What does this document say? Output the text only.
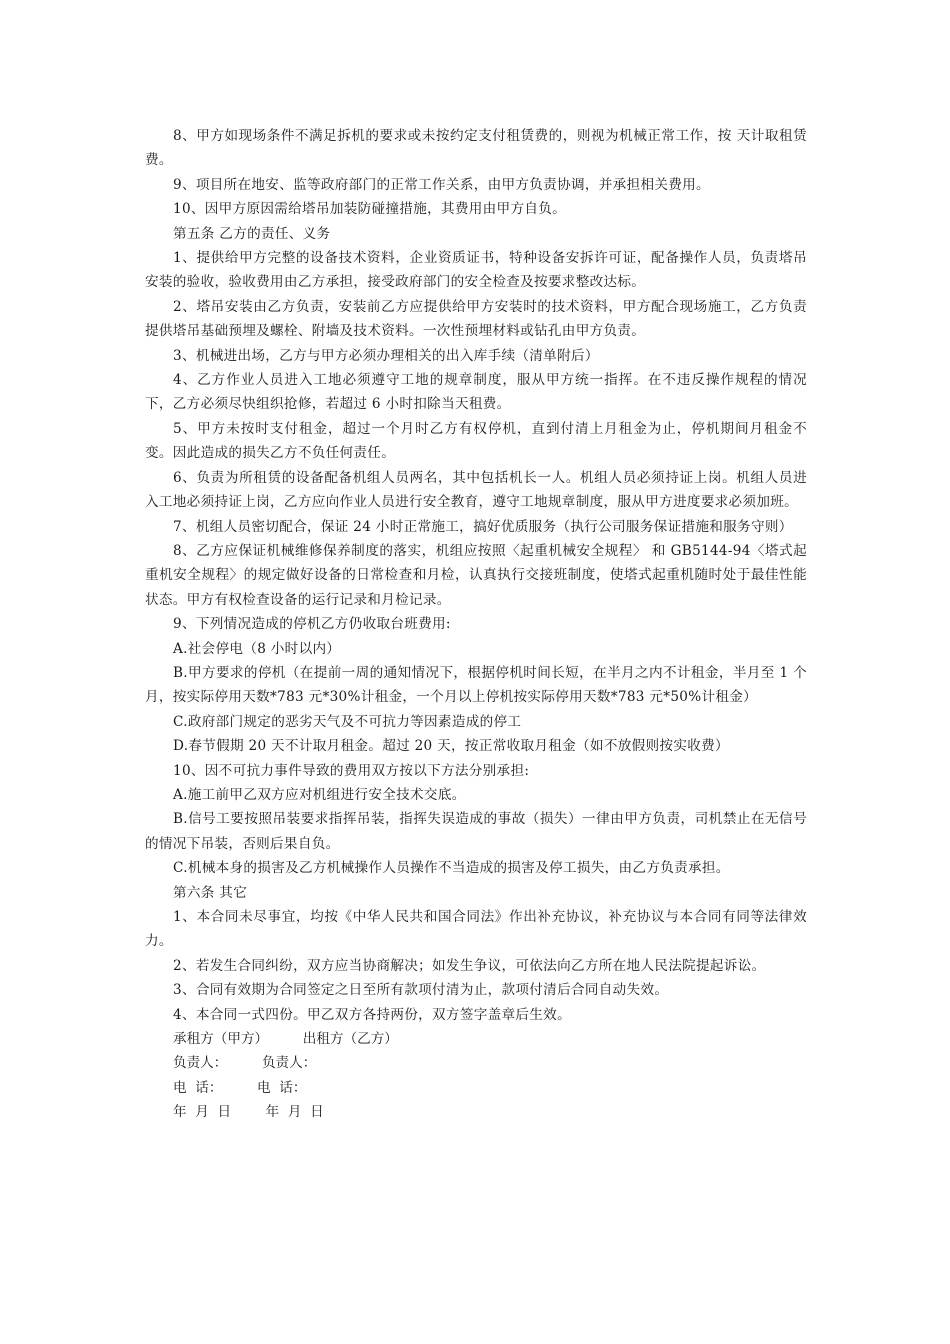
8、甲方如现场条件不满足拆机的要求或未按约定支付租赁费的，则视为机械正常工作，按 天计取租赁费。

9、项目所在地安、监等政府部门的正常工作关系，由甲方负责协调，并承担相关费用。

10、因甲方原因需给塔吊加装防碰撞措施，其费用由甲方自负。

第五条 乙方的责任、义务

1、提供给甲方完整的设备技术资料，企业资质证书，特种设备安拆许可证，配备操作人员，负责塔吊安装的验收，验收费用由乙方承担，接受政府部门的安全检查及按要求整改达标。

2、塔吊安装由乙方负责，安装前乙方应提供给甲方安装时的技术资料，甲方配合现场施工，乙方负责提供塔吊基础预埋及螺栓、附墙及技术资料。一次性预埋材料或钻孔由甲方负责。

3、机械进出场，乙方与甲方必须办理相关的出入库手续（清单附后）

4、乙方作业人员进入工地必须遵守工地的规章制度，服从甲方统一指挥。在不违反操作规程的情况下，乙方必须尽快组织抢修，若超过 6 小时扣除当天租费。

5、甲方未按时支付租金，超过一个月时乙方有权停机，直到付清上月租金为止，停机期间月租金不变。因此造成的损失乙方不负任何责任。

6、负责为所租赁的设备配备机组人员两名，其中包括机长一人。机组人员必须持证上岗。机组人员进入工地必须持证上岗，乙方应向作业人员进行安全教育，遵守工地规章制度，服从甲方进度要求必须加班。

7、机组人员密切配合，保证 24 小时正常施工，搞好优质服务（执行公司服务保证措施和服务守则）

8、乙方应保证机械维修保养制度的落实，机组应按照〈起重机械安全规程〉 和 GB5144-94〈塔式起重机安全规程〉的规定做好设备的日常检查和月检，认真执行交接班制度，使塔式起重机随时处于最佳性能状态。甲方有权检查设备的运行记录和月检记录。

9、下列情况造成的停机乙方仍收取台班费用:

A.社会停电（8 小时以内）

B.甲方要求的停机（在提前一周的通知情况下，根据停机时间长短，在半月之内不计租金，半月至 1 个月，按实际停用天数*783 元*30%计租金，一个月以上停机按实际停用天数*783 元*50%计租金）

C.政府部门规定的恶劣天气及不可抗力等因素造成的停工

D.春节假期 20 天不计取月租金。超过 20 天，按正常收取月租金（如不放假则按实收费）

10、因不可抗力事件导致的费用双方按以下方法分别承担:

A.施工前甲乙双方应对机组进行安全技术交底。

B.信号工要按照吊装要求指挥吊装，指挥失误造成的事故（损失）一律由甲方负责，司机禁止在无信号的情况下吊装，否则后果自负。

C.机械本身的损害及乙方机械操作人员操作不当造成的损害及停工损失，由乙方负责承担。

第六条 其它

1、本合同未尽事宜，均按《中华人民共和国合同法》作出补充协议，补充协议与本合同有同等法律效力。

2、若发生合同纠纷，双方应当协商解决；如发生争议，可依法向乙方所在地人民法院提起诉讼。

3、合同有效期为合同签定之日至所有款项付清为止，款项付清后合同自动失效。

4、本合同一式四份。甲乙双方各持两份，双方签字盖章后生效。

承租方（甲方）        出租方（乙方）

负责人：        负责人：

电  话：        电  话：

年  月  日        年  月  日
